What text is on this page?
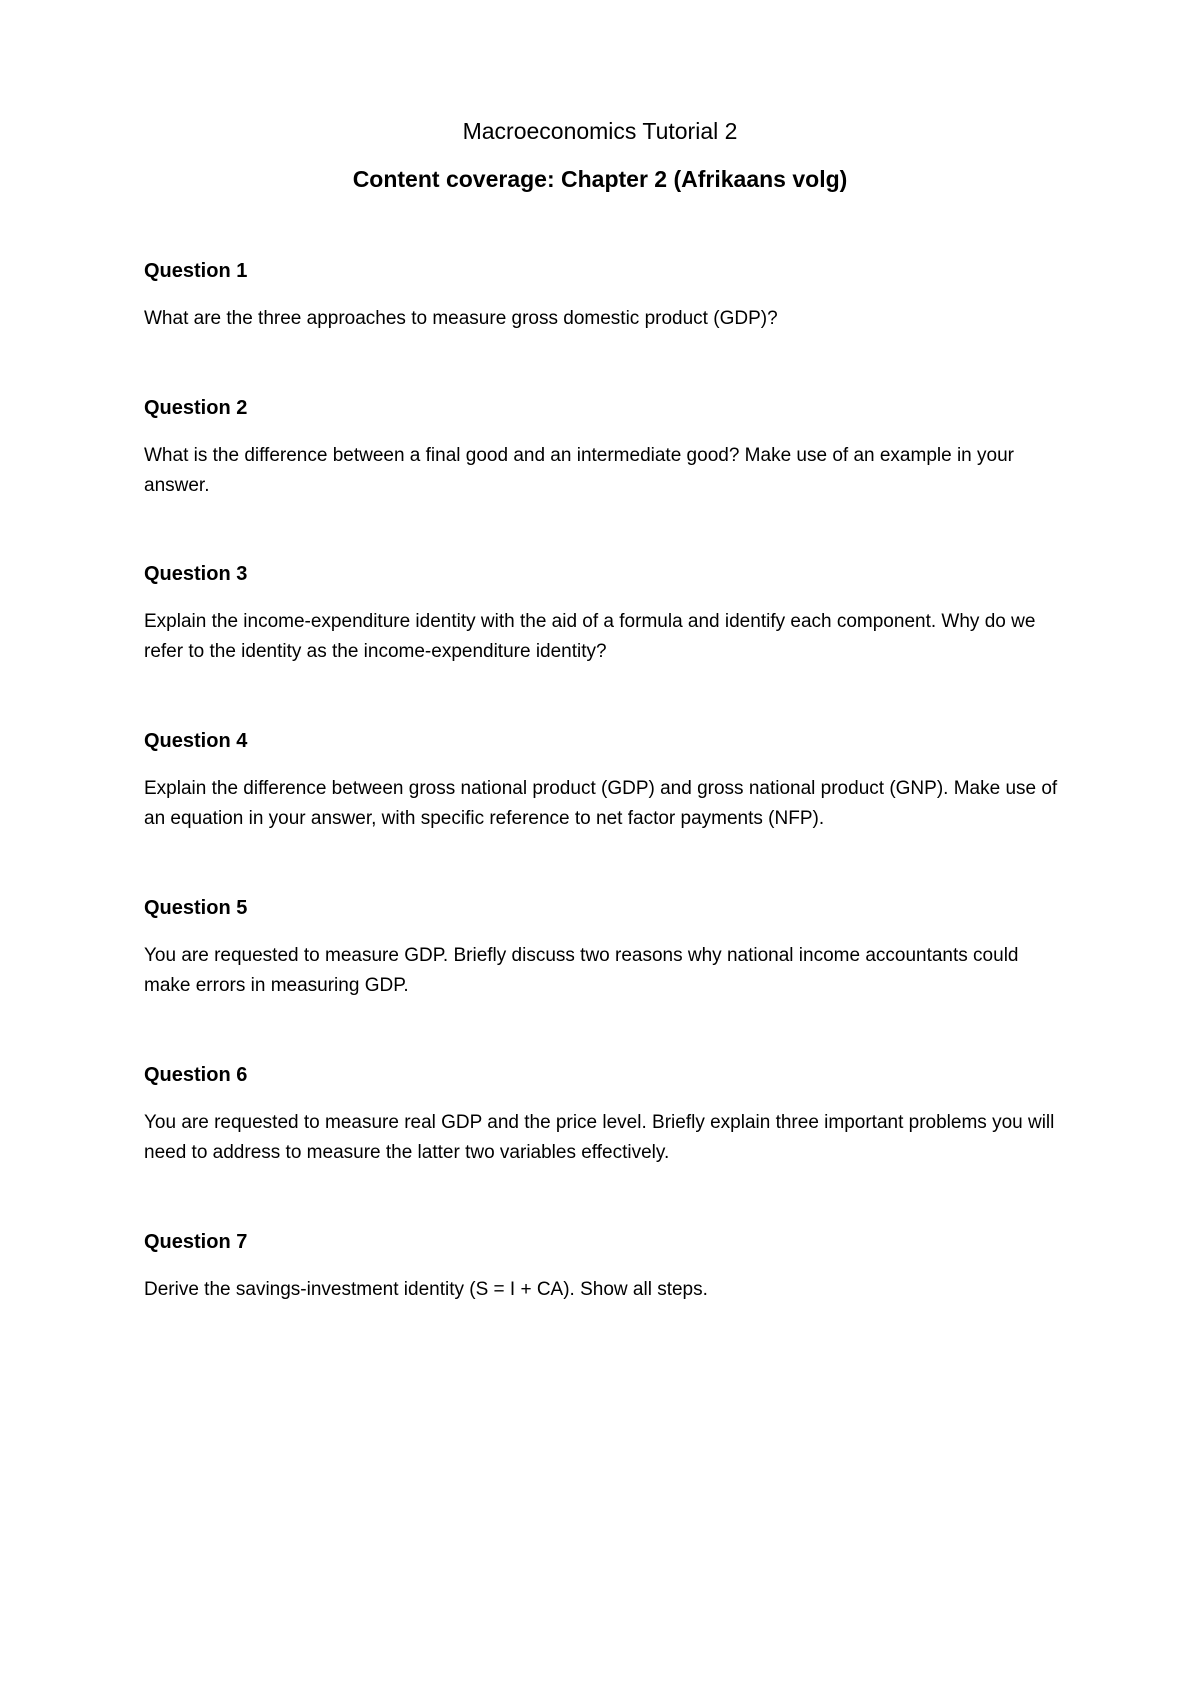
Macroeconomics Tutorial 2
Content coverage: Chapter 2 (Afrikaans volg)

Question 1

What are the three approaches to measure gross domestic product (GDP)?

Question 2

What is the difference between a final good and an intermediate good? Make use of an example in your answer.

Question 3

Explain the income-expenditure identity with the aid of a formula and identify each component. Why do we refer to the identity as the income-expenditure identity?

Question 4

Explain the difference between gross national product (GDP) and gross national product (GNP). Make use of an equation in your answer, with specific reference to net factor payments (NFP).

Question 5

You are requested to measure GDP. Briefly discuss two reasons why national income accountants could make errors in measuring GDP.

Question 6

You are requested to measure real GDP and the price level. Briefly explain three important problems you will need to address to measure the latter two variables effectively.

Question 7

Derive the savings-investment identity (S = I + CA). Show all steps.
